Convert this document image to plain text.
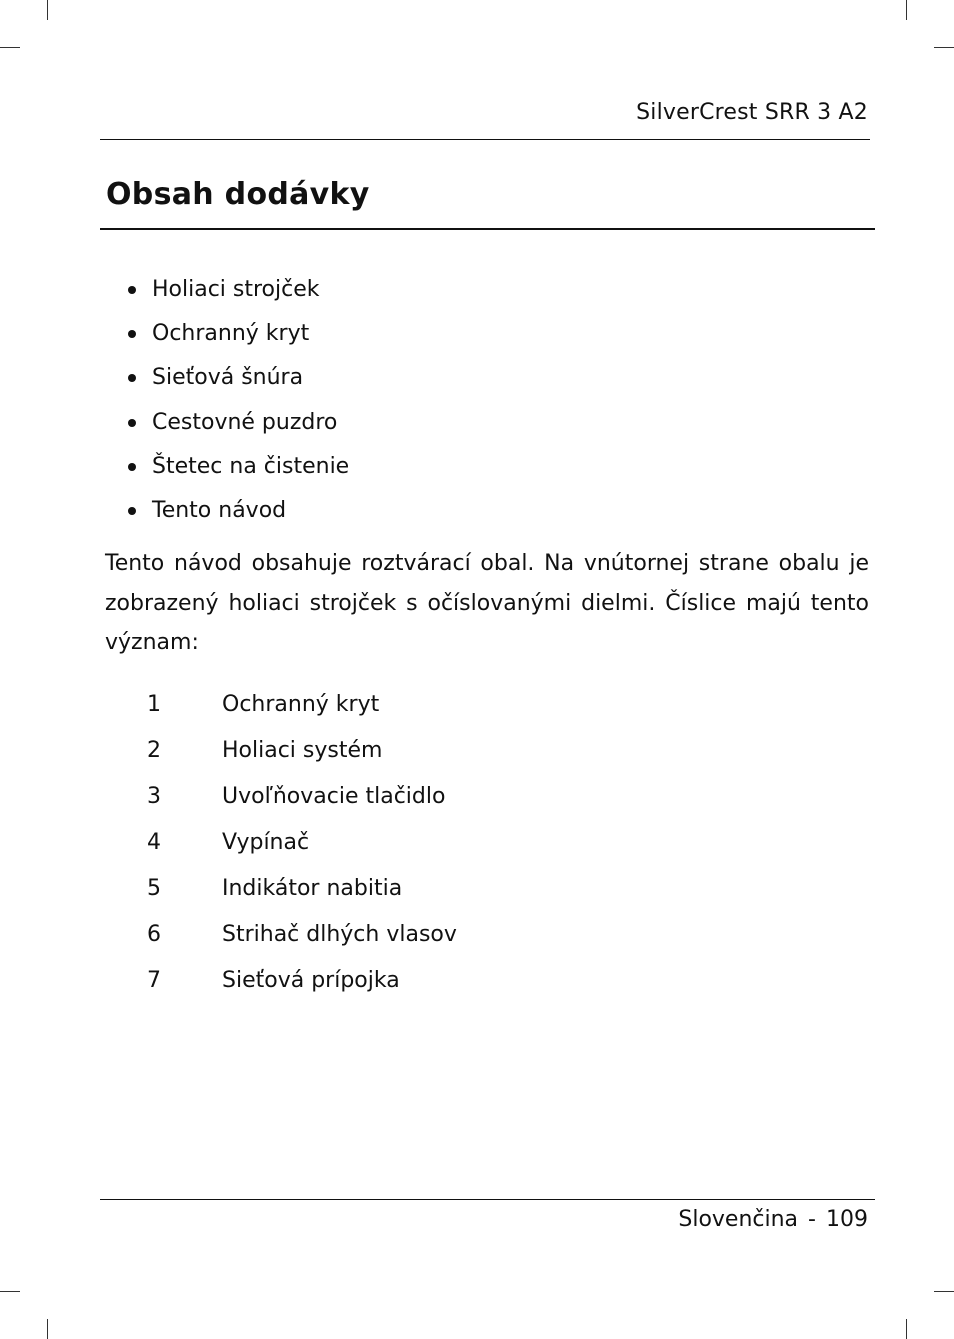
SilverCrest SRR 3 A2
Obsah dodávky
Holiaci strojček
Ochranný kryt
Sieťová šnúra
Cestovné puzdro
Štetec na čistenie
Tento návod

Tento návod obsahuje roztvárací obal. Na vnútornej strane obalu je zobrazený holiaci strojček s očíslovanými dielmi. Číslice majú tento význam:

1	Ochranný kryt
2	Holiaci systém
3	Uvoľňovacie tlačidlo
4	Vypínač
5	Indikátor nabitia
6	Strihač dlhých vlasov
7	Sieťová prípojka
Slovenčina - 109
